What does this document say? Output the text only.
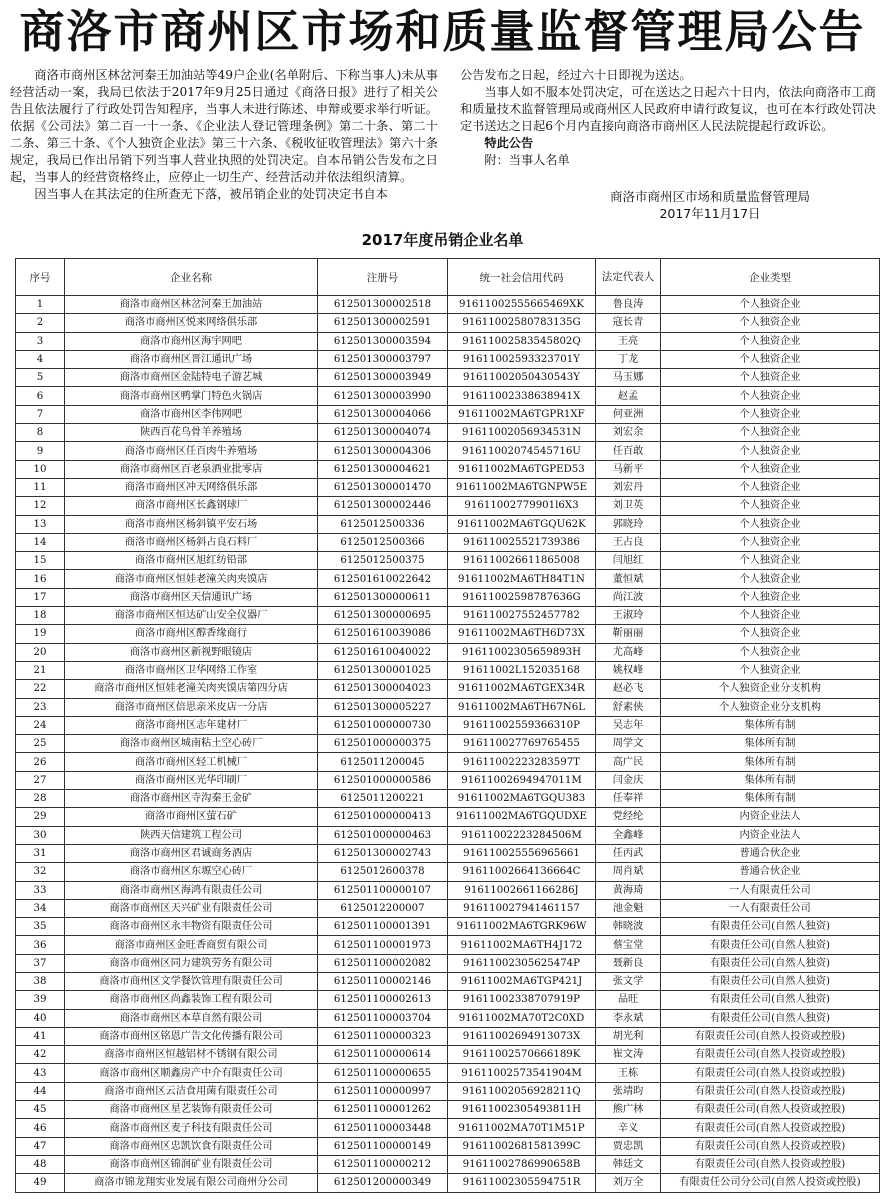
商洛市商州区市场和质量监督管理局公告

商洛市商州区林岔河秦王加油站等49户企业(名单附后、下称当事人)未从事经营活动一案，我局已依法于2017年9月25日通过《商洛日报》进行了相关公告且依法履行了行政处罚告知程序，当事人未进行陈述、申辩或要求举行听证。依据《公司法》第二百一十一条、《企业法人登记管理条例》第二十条、第二十二条、第三十条、《个人独资企业法》第三十六条、《税收征收管理法》第六十条规定，我局已作出吊销下列当事人营业执照的处罚决定。自本吊销公告发布之日起，当事人的经营资格终止，应停止一切生产、经营活动并依法组织清算。

因当事人在其法定的住所查无下落，被吊销企业的处罚决定书自本

公告发布之日起，经过六十日即视为送达。

当事人如不服本处罚决定，可在送达之日起六十日内，依法向商洛市工商和质量技术监督管理局或商州区人民政府申请行政复议，也可在本行政处罚决定书送达之日起6个月内直接向商洛市商州区人民法院提起行政诉讼。

特此公告

附：当事人名单

商洛市商州区市场和质量监督管理局
2017年11月17日
2017年度吊销企业名单
序号	企业名称	注册号	统一社会信用代码	法定代表人	企业类型
1	商洛市商州区林岔河秦王加油站	612501300002518	91611002555665469XK	鲁良涛	个人独资企业
2	商洛市商州区悦来网络俱乐部	612501300002591	91611002580783135G	寇长青	个人独资企业
3	商洛市商州区海宇网吧	612501300003594	91611002583545802Q	王亮	个人独资企业
4	商洛市商州区晋江通讯广场	612501300003797	91611002593323701Y	丁龙	个人独资企业
5	商洛市商州区金陆特电子游艺城	612501300003949	91611002050430543Y	马玉娜	个人独资企业
6	商洛市商州区鸭掌门特色火锅店	612501300003990	91611002338638941X	赵孟	个人独资企业
7	商洛市商州区李伟网吧	612501300004066	91611002MA6TGPR1XF	何亚洲	个人独资企业
8	陕西百花乌骨羊养殖场	612501300004074	91611002056934531N	刘宏余	个人独资企业
9	商洛市商州区任百肉牛养殖场	612501300004306	91611002074545716U	任百敢	个人独资企业
10	商洛市商州区百老泉酒业批零店	612501300004621	91611002MA6TGPED53	马新平	个人独资企业
11	商洛市商州区冲天网络俱乐部	612501300001470	91611002MA6TGNPW5E	刘宏丹	个人独资企业
12	商洛市商州区长鑫钢球厂	612501300002446	91611002779901l6X3	刘卫英	个人独资企业
13	商洛市商州区杨斜镇平安石场	6125012500336	91611002MA6TGQU62K	郭晓玲	个人独资企业
14	商洛市商州区杨斜占良石料厂	6125012500366	91611002552173938​6	王占良	个人独资企业
15	商洛市商州区旭红纺铅部	6125012500375	91611002661186500​8	闫旭红	个人独资企业
16	商洛市商州区恒娃老潼关肉夹馍店	612501610022642	91611002MA6TH84T1N	董恒斌	个人独资企业
17	商洛市商州区天信通讯广场	612501300000611	91611002598787636G	尚江波	个人独资企业
18	商洛市商州区恒达矿山安全仪器厂	612501300000695	91611002755245778​2	王淑玲	个人独资企业
19	商洛市商州区醇香缘商行	612501610039086	91611002MA6TH6D73X	靳丽丽	个人独资企业
20	商洛市商州区新视野眼镜店	612501610040022	91611002305659893H	尤高峰	个人独资企业
21	商洛市商州区卫华网络工作室	612501300001025	91611002L152035168	姚权峰	个人独资企业
22	商洛市商州区恒娃老潼关肉夹馍店第四分店	612501300004023	91611002MA6TGEX34R	赵必飞	个人独资企业分支机构
23	商洛市商州区倍思亲米皮店一分店	612501300005227	91611002MA6TH67N6L	舒素侠	个人独资企业分支机构
24	商洛市商州区志年建材厂	612501000000730	91611002559366310P	吴志年	集体所有制
25	商洛市商州区城南粘土空心砖厂	612501000000375	91611002776976545​5	周学文	集体所有制
26	商洛市商州区轻工机械厂	6125011200045	91611002223283597T	高广民	集体所有制
27	商洛市商州区光华印刷厂	612501000000586	91611002694947011M	闫金庆	集体所有制
28	商洛市商州区寺沟秦王金矿	6125011200221	91611002MA6TGQU383	任奉祥	集体所有制
29	商洛市商州区萤石矿	612501000000413	91611002MA6TGQUDXE	党经纶	内资企业法人
30	陕西天信建筑工程公司	612501000000463	91611002223284506M	全鑫峰	内资企业法人
31	商洛市商州区君诚商务酒店	612501300002743	91611002555696566​1	任丙武	普通合伙企业
32	商洛市商州区东塬空心砖厂	6125012600378	91611002664136664C	周肖斌	普通合伙企业
33	商洛市商州区海鸿有限责任公司	612501100000107	91611002661166286J	黄海琦	一人有限责任公司
34	商洛市商州区天兴矿业有限责任公司	6125012200007	91611002794146115​7	池金魁	一人有限责任公司
35	商洛市商州区永丰物资有限责任公司	612501100001391	91611002MA6TGRK96W	韩晓波	有限责任公司(自然人独资)
36	商洛市商州区金旺香商贸有限公司	612501100001973	91611002MA6TH4J172	蔡宝堂	有限责任公司(自然人独资)
37	商洛市商州区同力建筑劳务有限公司	612501100002082	91611002305625474P	聂新良	有限责任公司(自然人独资)
38	商洛市商州区文学餐饮管理有限责任公司	612501100002146	91611002MA6TGP421J	张文学	有限责任公司(自然人独资)
39	商洛市商州区尚鑫装饰工程有限公司	612501100002613	91611002338707919P	品旺	有限责任公司(自然人独资)
40	商洛市商州区本草自然有限公司	612501100003704	91611002MA70T2C0XD	李永斌	有限责任公司(自然人独资)
41	商洛市商州区铭恩广告文化传播有限公司	612501100000323	91611002694913073X	胡光利	有限责任公司(自然人投资或控股)
42	商洛市商州区恒越铝材不锈钢有限公司	612501100000614	91611002570666189K	崔文涛	有限责任公司(自然人投资或控股)
43	商洛市商州区顺鑫房产中介有限责任公司	612501100000655	91611002573541904M	王栋	有限责任公司(自然人投资或控股)
44	商洛市商州区云洁食用菌有限责任公司	612501100000997	91611002056928211Q	张靖昀	有限责任公司(自然人投资或控股)
45	商洛市商州区星艺装饰有限责任公司	612501100001262	91611002305493811H	熊广林	有限责任公司(自然人投资或控股)
46	商洛市商州区麦子科技有限责任公司	612501100003448	91611002MA70T1M51P	辛义	有限责任公司(自然人投资或控股)
47	商洛市商州区忠凯饮食有限责任公司	612501100000149	91611002681581399C	贾忠凯	有限责任公司(自然人投资或控股)
48	商洛市商州区锦润矿业有限责任公司	612501100000212	91611002786990658B	韩廷文	有限责任公司(自然人投资或控股)
49	商洛市锦龙翔实业发展有限公司商州分公司	612501200000349	91611002305594751R	刘万全	有限责任公司分公司(自然人投资或控股)
